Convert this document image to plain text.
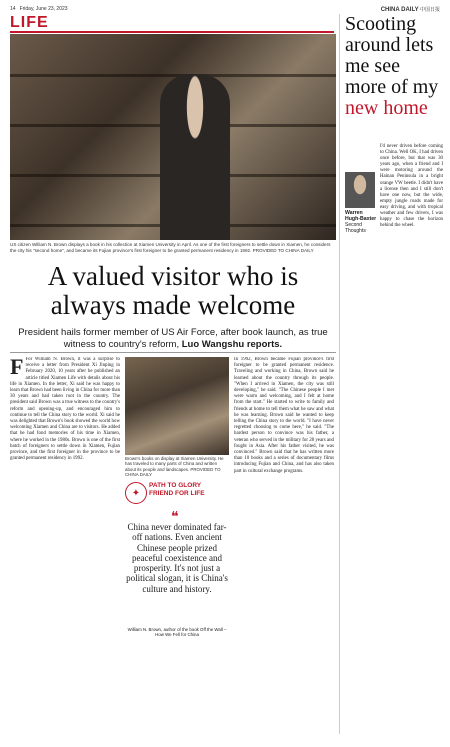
14 Friday, June 23, 2023	CHINA DAILY 中国日报
LIFE
US citizen William N. Brown displays a book in his collection at Xiamen University in April. As one of the first foreigners to settle down in Xiamen, he considers the city his "second home", and became its Fujian province's first foreigner to be granted permanent residency in 1992. PROVIDED TO CHINA DAILY
A valued visitor who is always made welcome
President hails former member of US Air Force, after book launch, as true witness to country's reform, Luo Wangshu reports.
F For William N. Brown, it was a surprise to receive a letter from President Xi Jinping in February 2020, 10 years after he published an article titled Xiamen Life with details about his life in Xiamen. In the letter, Xi said he was happy to learn that Brown had been living in China for more than 30 years and had taken root in the country. The president said Brown was a true witness to the country's reform and opening-up, and encouraged him to continue to tell the China story to the world. Xi said he was delighted that Brown's book showed the world how welcoming Xiamen and China are to visitors. He added that he had fond memories of his time in Xiamen, where he worked in the 1980s. Brown is one of the first batch of foreigners to settle down in Xiamen, Fujian province, and the first foreigner in the province to be granted permanent residency in 1992.	Brown's books on display at Xiamen University. He has traveled to many parts of China and written about its people and landscapes. PROVIDED TO CHINA DAILY
✦
PATH TO GLORY
FRIEND FOR LIFE
❝
China never dominated far-off nations. Even ancient Chinese people prized peaceful coexistence and prosperity. It's not just a political slogan, it is China's culture and history.
William N. Brown, author of the book Off the Wall – How We Fell for China
In 1992, Brown became Fujian province's first foreigner to be granted permanent residence. Traveling and working in China, Brown said he learned about the country through its people. "When I arrived in Xiamen, the city was still developing," he said. "The Chinese people I met were warm and welcoming, and I felt at home from the start." He started to write to family and friends at home to tell them what he saw and what he was learning. Brown said he wanted to keep telling the China story to the world. "I have never regretted choosing to come here," he said. "The hardest person to convince was his father, a veteran who served in the military for 28 years and fought in Asia. After his father visited, he was convinced." Brown said that he has written more than 10 books and a series of documentary films introducing Fujian and China, and has also taken part in cultural exchange programs.
Scooting around lets me see more of my new home
Warren Hugh-Baxter
Second Thoughts
I'd never driven before coming to China. Well OK, I had driven once before, but that was 30 years ago, when a friend and I were motoring around the Hainan Peninsula in a bright orange VW beetle. I didn't have a license then and I still don't have one now, but the wide, empty jungle roads made for easy driving, and with tropical weather and few drivers, I was happy to chase the horizon behind the wheel.
